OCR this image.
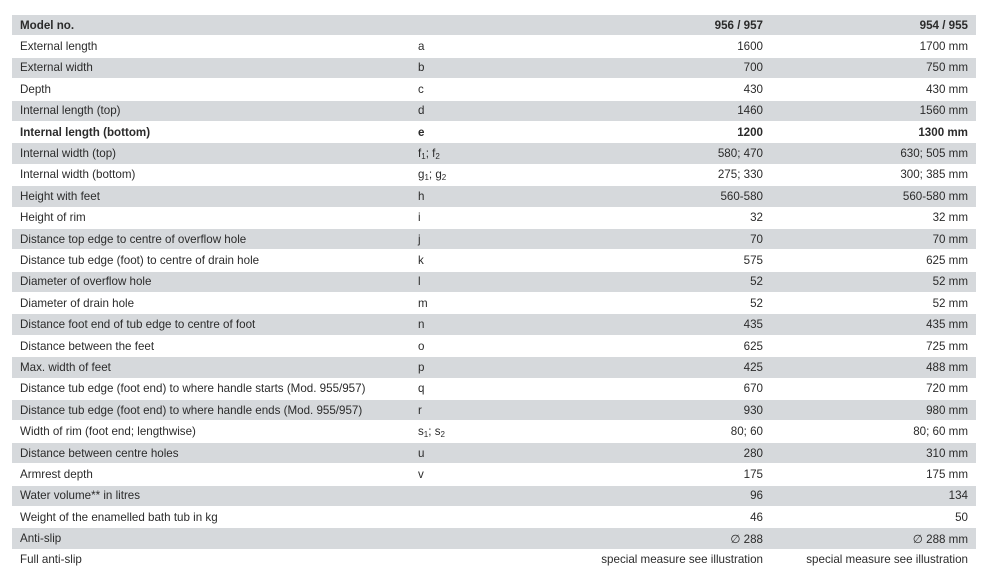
Model no.		956 / 957	954 / 955
External length	a	1600	1700 mm
External width	b	700	750 mm
Depth	c	430	430 mm
Internal length (top)	d	1460	1560 mm
Internal length (bottom)	e	1200	1300 mm
Internal width (top)	$f_1$; $f_2$	580; 470	630; 505 mm
Internal width (bottom)	$g_1$; $g_2$	275; 330	300; 385 mm
Height with feet	h	560-580	560-580 mm
Height of rim	i	32	32 mm
Distance top edge to centre of overflow hole	j	70	70 mm
Distance tub edge (foot) to centre of drain hole	k	575	625 mm
Diameter of overflow hole	l	52	52 mm
Diameter of drain hole	m	52	52 mm
Distance foot end of tub edge to centre of foot	n	435	435 mm
Distance between the feet	o	625	725 mm
Max. width of feet	p	425	488 mm
Distance tub edge (foot end) to where handle starts (Mod. 955/957)	q	670	720 mm
Distance tub edge (foot end) to where handle ends (Mod. 955/957)	r	930	980 mm
Width of rim (foot end; lengthwise)	$s_1$; $s_2$	80; 60	80; 60 mm
Distance between centre holes	u	280	310 mm
Armrest depth	v	175	175 mm
Water volume** in litres		96	134
Weight of the enamelled bath tub in kg		46	50
Anti-slip		∅ 288	∅ 288 mm
Full anti-slip		special measure see illustration	special measure see illustration
